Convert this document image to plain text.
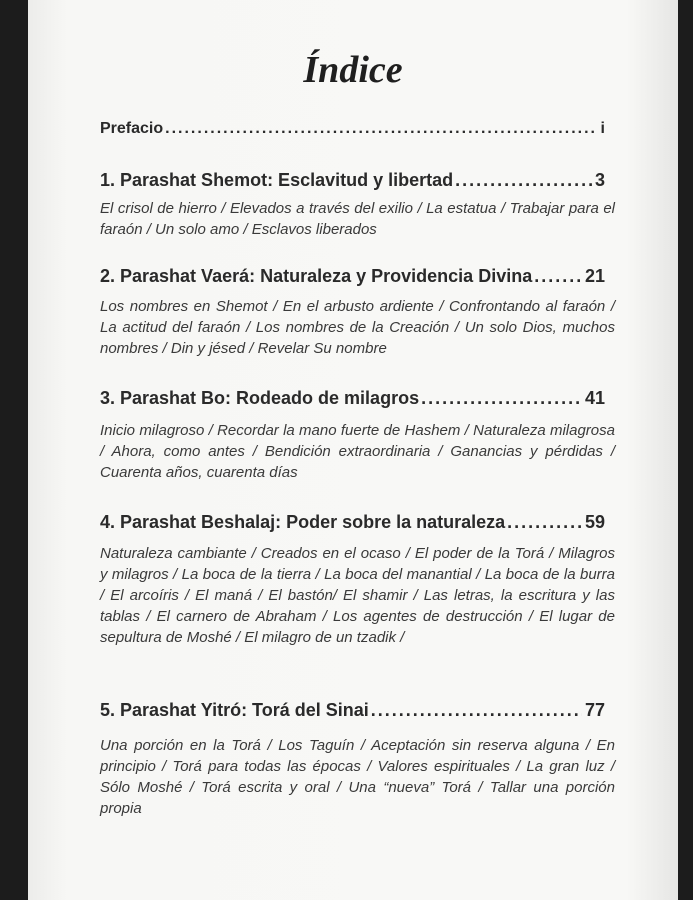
Índice
Prefacio .....	i
1. Parashat Shemot: Esclavitud y libertad .....	3
El crisol de hierro / Elevados a través del exilio / La estatua / Trabajar para el faraón / Un solo amo / Esclavos liberados
2. Parashat Vaerá: Naturaleza y Providencia Divina .....	21
Los nombres en Shemot / En el arbusto ardiente / Confrontando al faraón / La actitud del faraón / Los nombres de la Creación / Un solo Dios, muchos nombres / Din y jésed / Revelar Su nombre
3. Parashat Bo: Rodeado de milagros .....	41
Inicio milagroso / Recordar la mano fuerte de Hashem / Naturaleza milagrosa / Ahora, como antes / Bendición extraordinaria / Ganancias y pérdidas / Cuarenta años, cuarenta días
4. Parashat Beshalaj: Poder sobre la naturaleza .....	59
Naturaleza cambiante / Creados en el ocaso / El poder de la Torá / Milagros y milagros / La boca de la tierra / La boca del manantial / La boca de la burra / El arcoíris / El maná / El bastón/ El shamir / Las letras, la escritura y las tablas / El carnero de Abraham / Los agentes de destrucción / El lugar de sepultura de Moshé / El milagro de un tzadik /
5. Parashat Yitró: Torá del Sinai .....	77
Una porción en la Torá / Los Taguín / Aceptación sin reserva alguna / En principio / Torá para todas las épocas / Valores espirituales / La gran luz / Sólo Moshé / Torá escrita y oral / Una “nueva” Torá / Tallar una porción propia
